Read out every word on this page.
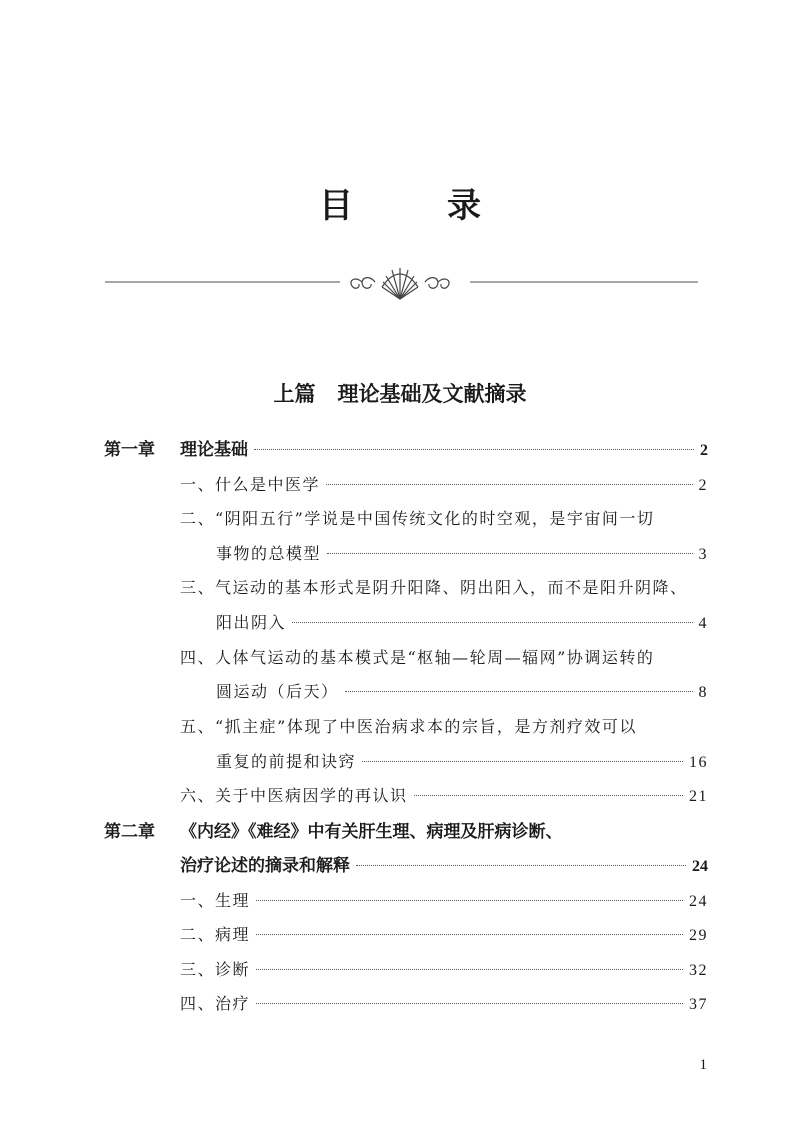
目　录
上篇 理论基础及文献摘录
第一章 理论基础	2
一、什么是中医学	2
二、“阴阳五行”学说是中国传统文化的时空观，是宇宙间一切
事物的总模型	3
三、气运动的基本形式是阴升阳降、阴出阳入，而不是阳升阴降、
阳出阴入	4
四、人体气运动的基本模式是“枢轴—轮周—辐网”协调运转的
圆运动（后天）	8
五、“抓主症”体现了中医治病求本的宗旨，是方剂疗效可以
重复的前提和诀窍	16
六、关于中医病因学的再认识	21
第二章 《内经》《难经》中有关肝生理、病理及肝病诊断、
治疗论述的摘录和解释	24
一、生理	24
二、病理	29
三、诊断	32
四、治疗	37
1
